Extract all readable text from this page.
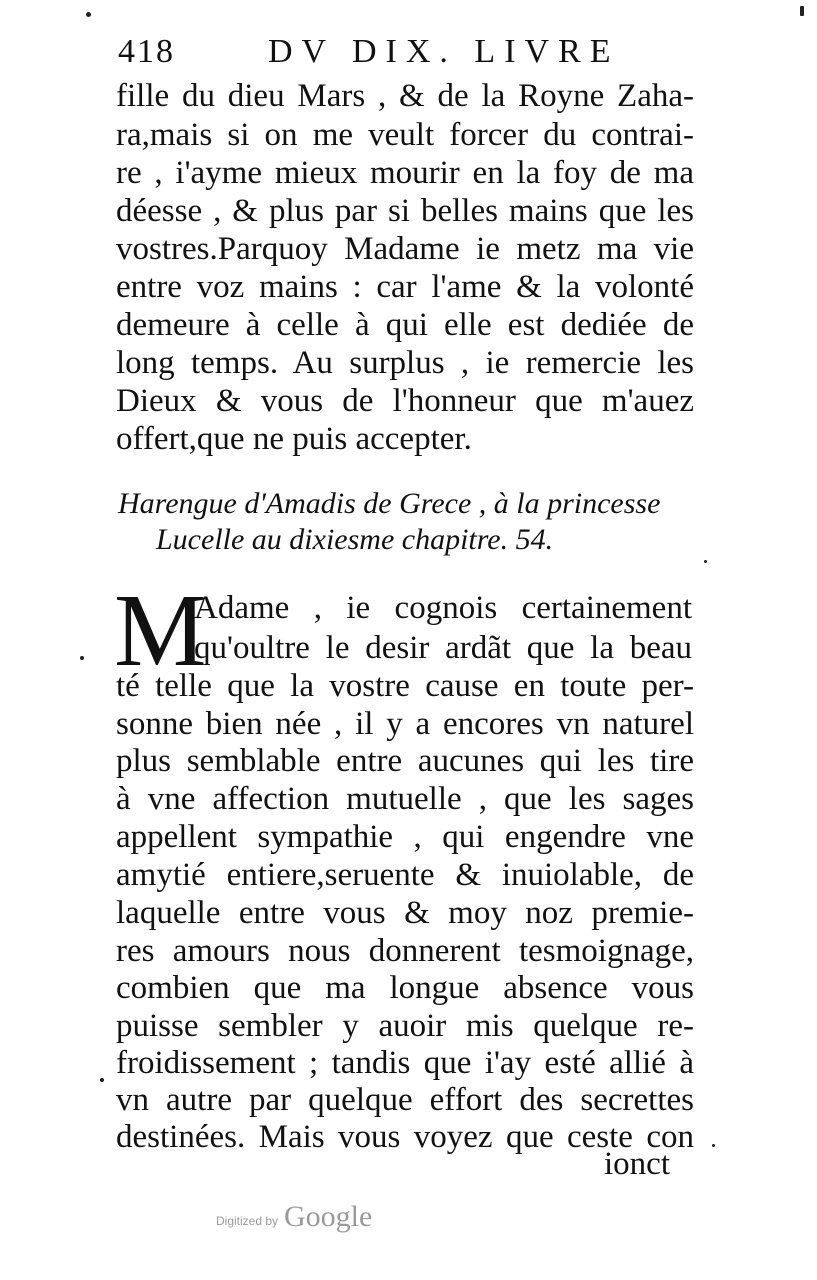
418	DV DIX. LIVRE
fille du dieu Mars , & de la Royne Zaha-
ra,mais si on me veult forcer du contrai-
re , i'ayme mieux mourir en la foy de ma
déesse , & plus par si belles mains que les
vostres.Parquoy Madame ie metz ma vie
entre voz mains : car l'ame & la volonté
demeure à celle à qui elle est dediée de
long temps. Au surplus , ie remercie les
Dieux & vous de l'honneur que m'auez
offert,que ne puis accepter.
Harengue d'Amadis de Grece , à la princesse
Lucelle au dixiesme chapitre. 54.
M
Adame , ie cognois certainement
qu'oultre le desir ardãt que la beau
té telle que la vostre cause en toute per-
sonne bien née , il y a encores vn naturel
plus semblable entre aucunes qui les tire
à vne affection mutuelle , que les sages
appellent sympathie , qui engendre vne
amytié entiere,seruente & inuiolable, de
laquelle entre vous & moy noz premie-
res amours nous donnerent tesmoignage,
combien que ma longue absence vous
puisse sembler y auoir mis quelque re-
froidissement ; tandis que i'ay esté allié à
vn autre par quelque effort des secrettes
destinées. Mais vous voyez que ceste con
ionct
Digitized by Google
